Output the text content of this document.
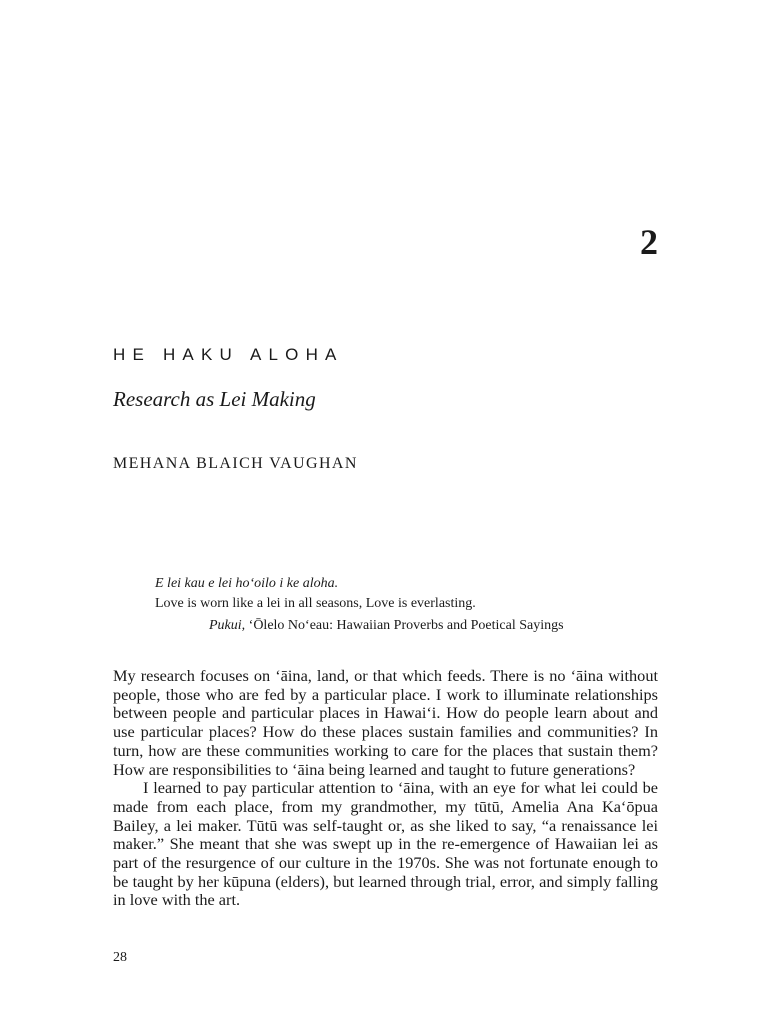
2
HE HAKU ALOHA
Research as Lei Making
MEHANA BLAICH VAUGHAN
E lei kau e lei hoʻoilo i ke aloha.
Love is worn like a lei in all seasons, Love is everlasting.
Pukui, ʻŌlelo Noʻeau: Hawaiian Proverbs and Poetical Sayings

My research focuses on ʻāina, land, or that which feeds. There is no ʻāina without people, those who are fed by a particular place. I work to illuminate relationships between people and particular places in Hawaiʻi. How do people learn about and use particular places? How do these places sustain families and communities? In turn, how are these communities working to care for the places that sustain them? How are responsibilities to ʻāina being learned and taught to future generations?

I learned to pay particular attention to ʻāina, with an eye for what lei could be made from each place, from my grandmother, my tūtū, Amelia Ana Kaʻōpua Bailey, a lei maker. Tūtū was self-taught or, as she liked to say, “a renaissance lei maker.” She meant that she was swept up in the re-emergence of Hawaiian lei as part of the resurgence of our culture in the 1970s. She was not fortunate enough to be taught by her kūpuna (elders), but learned through trial, error, and simply falling in love with the art.

28
